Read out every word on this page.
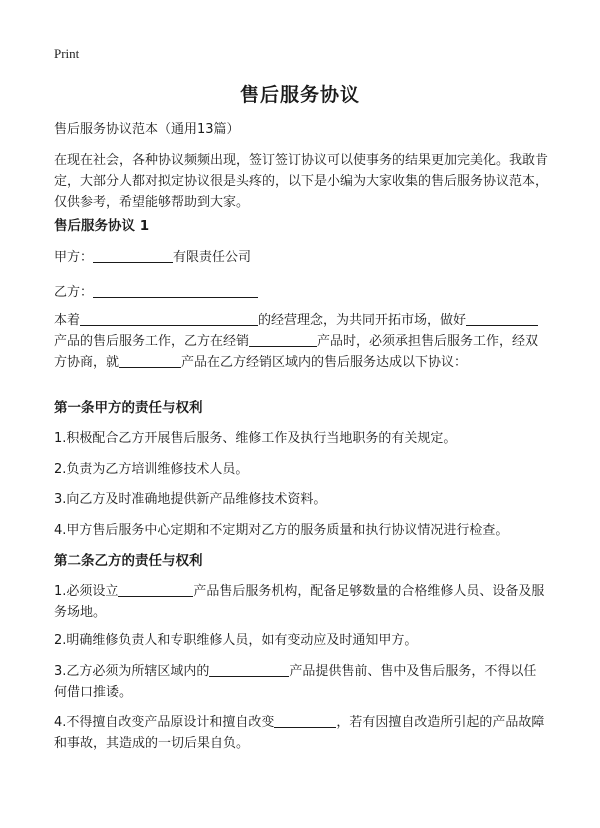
Print
售后服务协议
售后服务协议范本（通用13篇）
在现在社会，各种协议频频出现，签订签订协议可以使事务的结果更加完美化。我敢肯定，大部分人都对拟定协议很是头疼的，以下是小编为大家收集的售后服务协议范本，仅供参考，希望能够帮助到大家。
售后服务协议 1
甲方：	有限责任公司
乙方：
本着	的经营理念，为共同开拓市场，做好产品的售后服务工作，乙方在经销	产品时，必须承担售后服务工作，经双方协商，就	产品在乙方经销区域内的售后服务达成以下协议：
第一条甲方的责任与权利
1.积极配合乙方开展售后服务、维修工作及执行当地职务的有关规定。
2.负责为乙方培训维修技术人员。
3.向乙方及时准确地提供新产品维修技术资料。
4.甲方售后服务中心定期和不定期对乙方的服务质量和执行协议情况进行检查。
第二条乙方的责任与权利
1.必须设立	产品售后服务机构，配备足够数量的合格维修人员、设备及服务场地。
2.明确维修负责人和专职维修人员，如有变动应及时通知甲方。
3.乙方必须为所辖区域内的	产品提供售前、售中及售后服务，不得以任何借口推诿。
4.不得擅自改变产品原设计和擅自改变	，若有因擅自改造所引起的产品故障和事故，其造成的一切后果自负。
